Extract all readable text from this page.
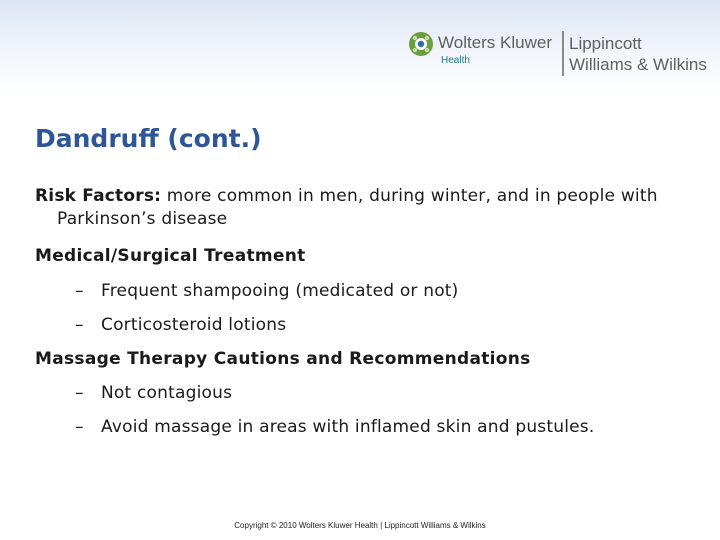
Wolters Kluwer
Health
Lippincott
Williams & Wilkins
Dandruff (cont.)

Risk Factors: more common in men, during winter, and in people with Parkinson’s disease

Medical/Surgical Treatment

– Frequent shampooing (medicated or not)

– Corticosteroid lotions

Massage Therapy Cautions and Recommendations

– Not contagious

– Avoid massage in areas with inflamed skin and pustules.

Copyright © 2010 Wolters Kluwer Health | Lippincott Williams & Wilkins
